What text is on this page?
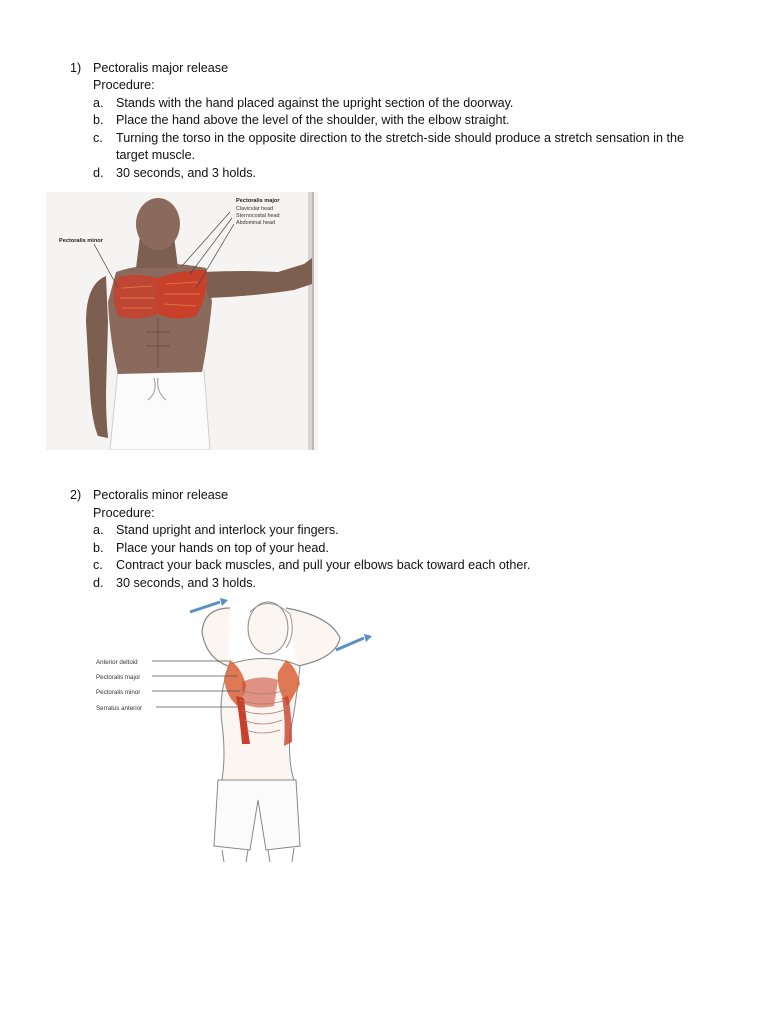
1) Pectoralis major release
Procedure:
a. Stands with the hand placed against the upright section of the doorway.
b. Place the hand above the level of the shoulder, with the elbow straight.
c. Turning the torso in the opposite direction to the stretch-side should produce a stretch sensation in the target muscle.
d. 30 seconds, and 3 holds.
Pectoralis major
Clavicular head
Sternocostal head
Abdominal head
Pectoralis minor
2) Pectoralis minor release
Procedure:
a. Stand upright and interlock your fingers.
b. Place your hands on top of your head.
c. Contract your back muscles, and pull your elbows back toward each other.
d. 30 seconds, and 3 holds.
Anterior deltoid
Pectoralis major
Pectoralis minor
Serratus anterior
